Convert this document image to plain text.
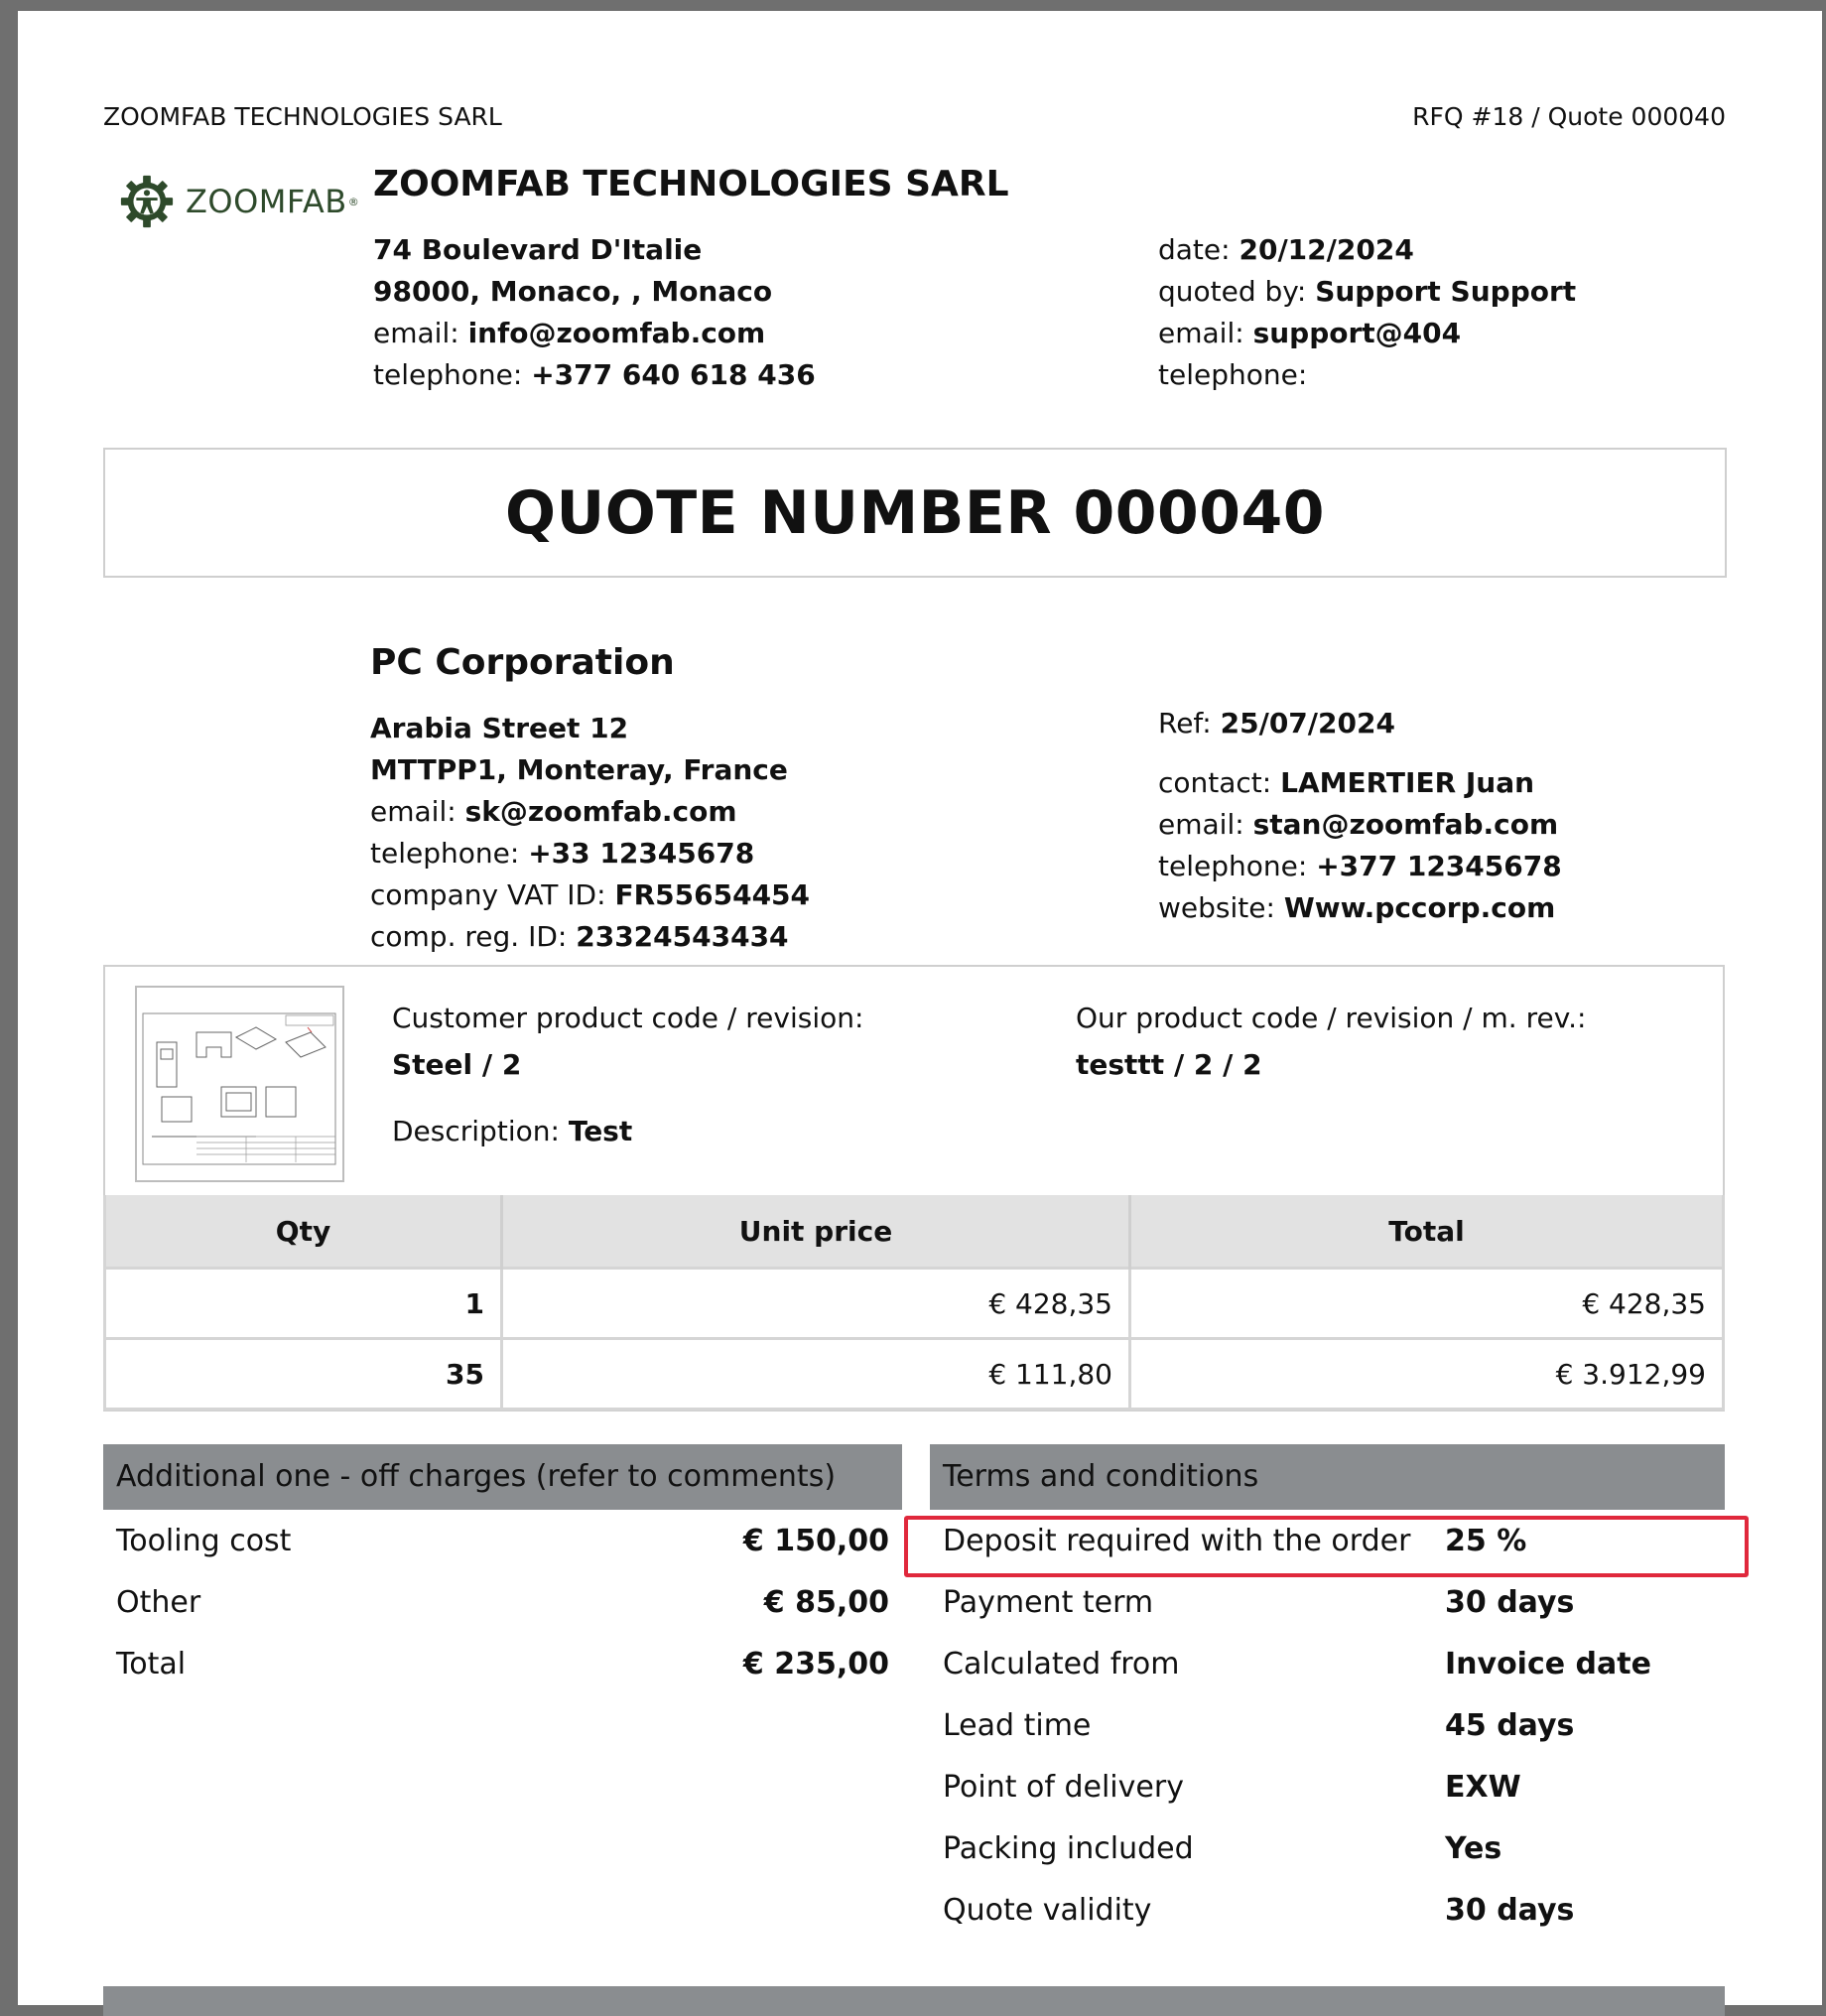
ZOOMFAB TECHNOLOGIES SARL	RFQ #18 / Quote 000040
ZOOMFAB ® ZOOMFAB TECHNOLOGIES SARL
74 Boulevard D'Italie
98000, Monaco, , Monaco
email: info@zoomfab.com
telephone: +377 640 618 436
date: 20/12/2024
quoted by: Support Support
email: support@404
telephone:
QUOTE NUMBER 000040
PC Corporation
Arabia Street 12
MTTPP1, Monteray, France
email: sk@zoomfab.com
telephone: +33 12345678
company VAT ID: FR55654454
comp. reg. ID: 23324543434
Ref: 25/07/2024
contact: LAMERTIER Juan
email: stan@zoomfab.com
telephone: +377 12345678
website: Www.pccorp.com
Customer product code / revision:
Steel / 2
Our product code / revision / m. rev.:
testtt / 2 / 2
Description: Test
Qty	Unit price	Total
1	€ 428,35	€ 428,35
35	€ 111,80	€ 3.912,99
Additional one - off charges (refer to comments)
Tooling cost	€ 150,00
Other	€ 85,00
Total	€ 235,00
Terms and conditions
Deposit required with the order	25 %
Payment term	30 days
Calculated from	Invoice date
Lead time	45 days
Point of delivery	EXW
Packing included	Yes
Quote validity	30 days
